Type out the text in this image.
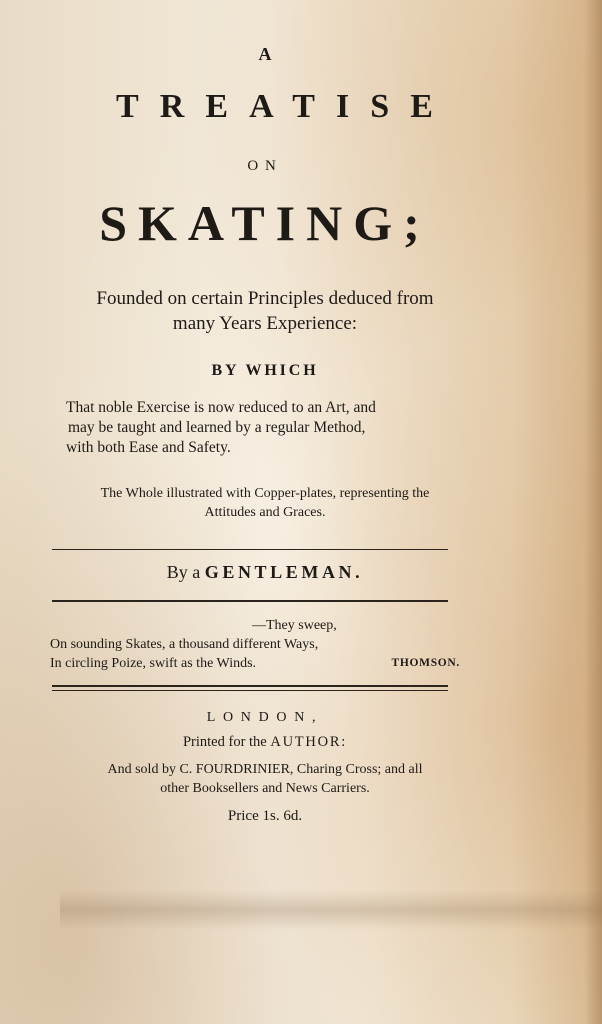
A
TREATISE
ON
SKATING;
Founded on certain Principles deduced from
many Years Experience:
BY WHICH
That noble Exercise is now reduced to an Art, and
may be taught and learned by a regular Method,
with both Ease and Safety.
The Whole illustrated with Copper-plates, representing the
Attitudes and Graces.
By a GENTLEMAN.
—They sweep,
On sounding Skates, a thousand different Ways,
In circling Poize, swift as the Winds.	THOMSON.
LONDON,
Printed for the AUTHOR:
And sold by C. FOURDRINIER, Charing Cross; and all
other Booksellers and News Carriers.
Price 1s. 6d.
